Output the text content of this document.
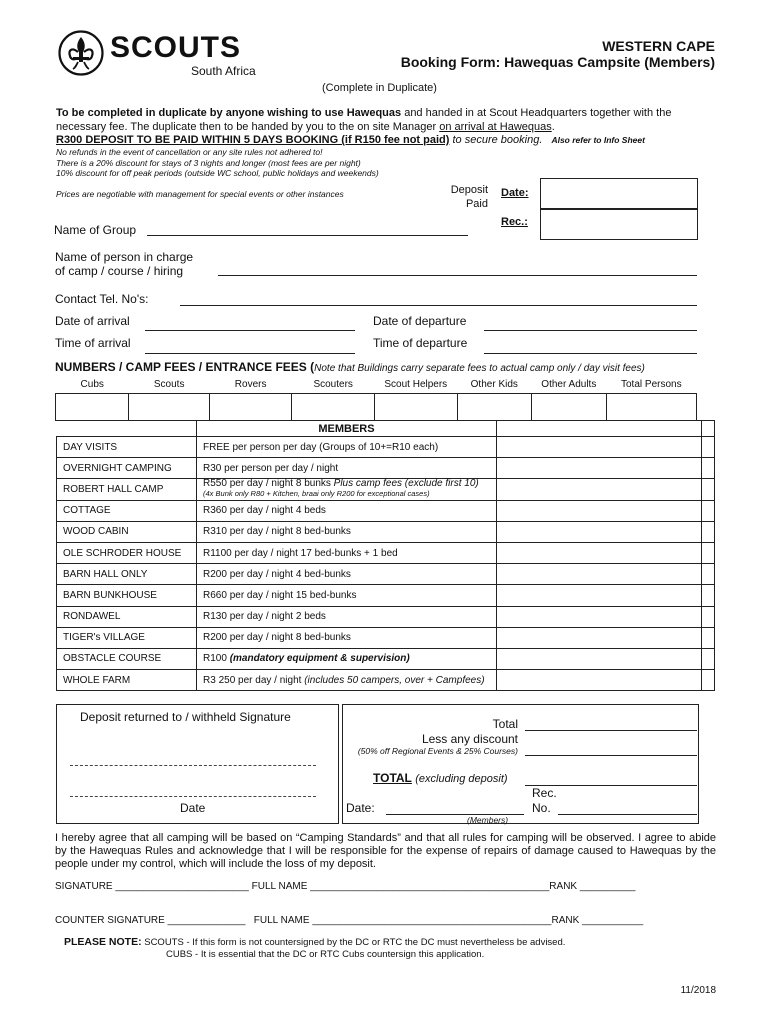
SCOUTS
South Africa
WESTERN CAPE
Booking Form: Hawequas Campsite (Members)
(Complete in Duplicate)
To be completed in duplicate by anyone wishing to use Hawequas and handed in at Scout Headquarters together with the
necessary fee. The duplicate then to be handed by you to the on site Manager on arrival at Hawequas.
R300 DEPOSIT TO BE PAID WITHIN 5 DAYS BOOKING (if R150 fee not paid) to secure booking. Also refer to Info Sheet
No refunds in the event of cancellation or any site rules not adhered to!
There is a 20% discount for stays of 3 nights and longer (most fees are per night)
10% discount for off peak periods (outside WC school, public holidays and weekends)
Prices are negotiable with management for special events or other instances	Deposit
Paid
Date:
Rec.:
Name of Group
Name of person in charge
of camp / course / hiring
Contact Tel. No's:
Date of arrival	Date of departure
Time of arrival	Time of departure
NUMBERS / CAMP FEES / ENTRANCE FEES (Note that Buildings carry separate fees to actual camp only / day visit fees)
Cubs	Scouts	Rovers	Scouters	Scout Helpers	Other Kids	Other Adults	Total Persons

	MEMBERS		
DAY VISITS	FREE per person per day (Groups of 10+=R10 each)		
OVERNIGHT CAMPING	R30 per person per day / night		
ROBERT HALL CAMP	R550 per day / night 8 bunks Plus camp fees (exclude first 10)
(4x Bunk only R80 + Kitchen, braai only R200 for exceptional cases)		
COTTAGE	R360 per day / night 4 beds		
WOOD CABIN	R310 per day / night 8 bed-bunks		
OLE SCHRODER HOUSE	R1100 per day / night 17 bed-bunks + 1 bed		
BARN HALL ONLY	R200 per day / night 4 bed-bunks		
BARN BUNKHOUSE	R660 per day / night 15 bed-bunks		
RONDAWEL	R130 per day / night 2 beds		
TIGER's VILLAGE	R200 per day / night 8 bed-bunks		
OBSTACLE COURSE	R100 (mandatory equipment & supervision)		
WHOLE FARM	R3 250 per day / night (includes 50 campers, over + Campfees)		
Deposit returned to / withheld Signature
Date
Total
Less any discount
(50% off Regional Events & 25% Courses)
TOTAL (excluding deposit)
Rec.
No.
Date:
(Members)
I hereby agree that all camping will be based on “Camping Standards” and that all rules for camping will be observed. I agree to abide by the Hawequas Rules and acknowledge that I will be responsible for the expense of repairs of damage caused to Hawequas by the people under my control, which will include the loss of my deposit.
SIGNATURE ________________________ FULL NAME ___________________________________________RANK __________
COUNTER SIGNATURE ______________   FULL NAME ___________________________________________RANK ___________
PLEASE NOTE: SCOUTS - If this form is not countersigned by the DC or RTC the DC must nevertheless be advised.
CUBS - It is essential that the DC or RTC Cubs countersign this application.
11/2018
